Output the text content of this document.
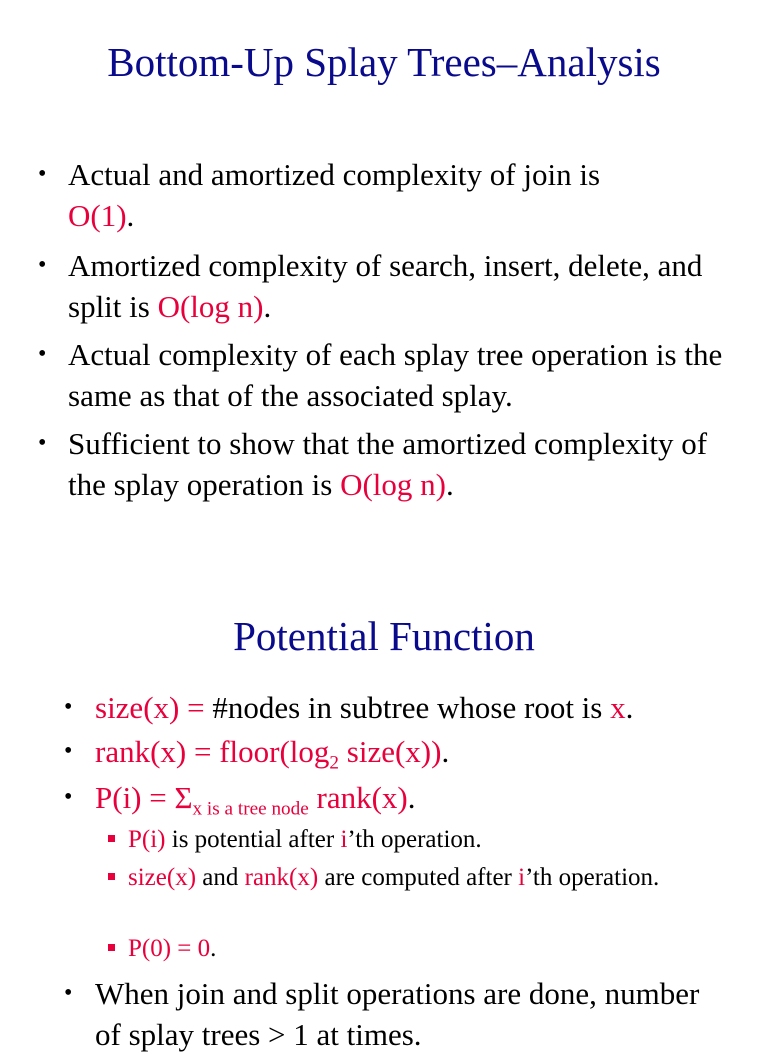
Bottom-Up Splay Trees–Analysis
• Actual and amortized complexity of join is
O(1).
• Amortized complexity of search, insert, delete, and split is O(log n).
• Actual complexity of each splay tree operation is the same as that of the associated splay.
• Sufficient to show that the amortized complexity of the splay operation is O(log n).
Potential Function
• size(x) = #nodes in subtree whose root is x.
• rank(x) = $floor(\log_2$ size(x)).
• $P(i) = \Sigma_{x is a tree node}$ rank(x).
P(i) is potential after i’th operation.
size(x) and rank(x) are computed after i’th operation.
P(0) = 0.
• When join and split operations are done, number of splay trees > 1 at times.
